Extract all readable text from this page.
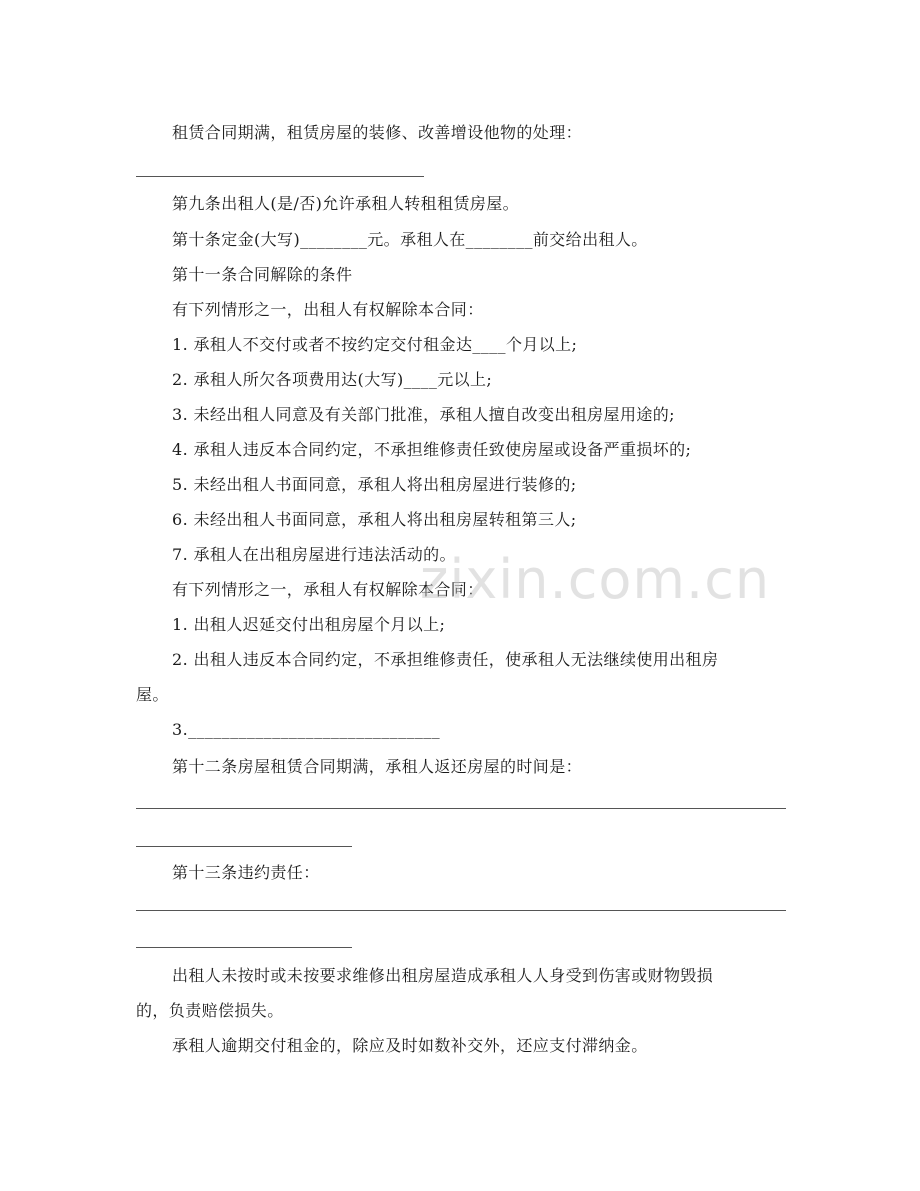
租赁合同期满，租赁房屋的装修、改善增设他物的处理：
第九条出租人(是/否)允许承租人转租租赁房屋。
第十条定金(大写)________元。承租人在________前交给出租人。
第十一条合同解除的条件
有下列情形之一，出租人有权解除本合同：
1. 承租人不交付或者不按约定交付租金达____个月以上;
2. 承租人所欠各项费用达(大写)____元以上;
3. 未经出租人同意及有关部门批准，承租人擅自改变出租房屋用途的;
4. 承租人违反本合同约定，不承担维修责任致使房屋或设备严重损坏的;
5. 未经出租人书面同意，承租人将出租房屋进行装修的;
6. 未经出租人书面同意，承租人将出租房屋转租第三人;
7. 承租人在出租房屋进行违法活动的。
有下列情形之一，承租人有权解除本合同：
1. 出租人迟延交付出租房屋个月以上;
2. 出租人违反本合同约定，不承担维修责任，使承租人无法继续使用出租房
屋。
3.______________________________
第十二条房屋租赁合同期满，承租人返还房屋的时间是：
第十三条违约责任：
出租人未按时或未按要求维修出租房屋造成承租人人身受到伤害或财物毁损
的，负责赔偿损失。
承租人逾期交付租金的，除应及时如数补交外，还应支付滞纳金。
zixin.com.cn
